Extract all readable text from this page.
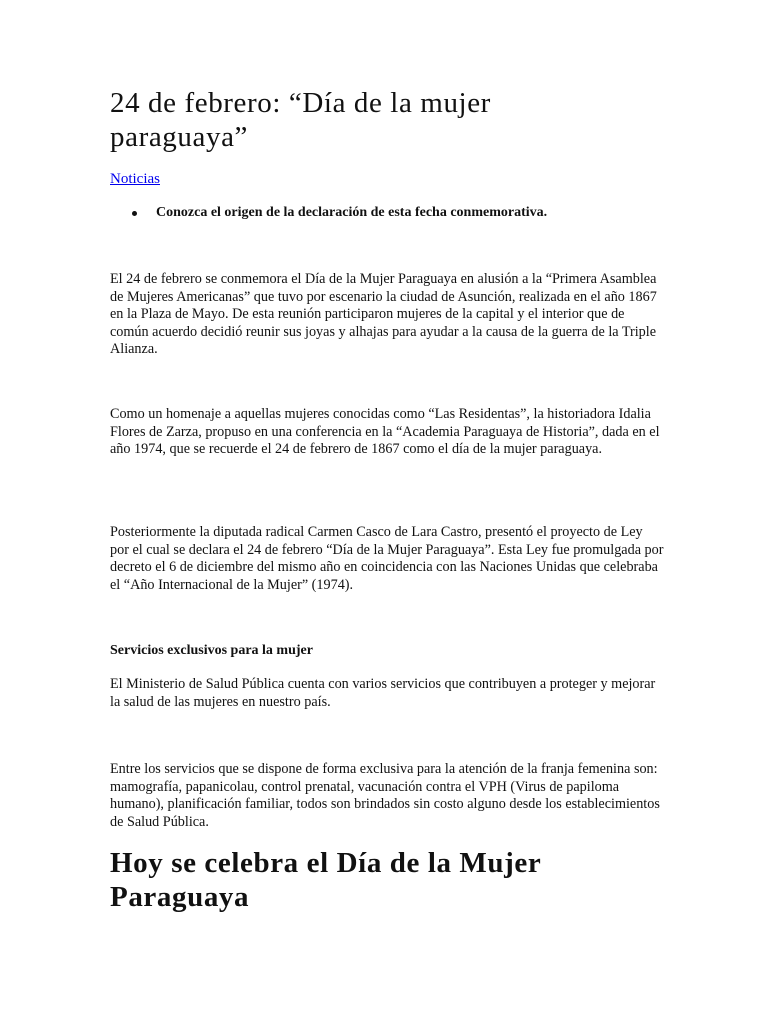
24 de febrero: “Día de la mujer paraguaya”
Noticias
Conozca el origen de la declaración de esta fecha conmemorativa.

El 24 de febrero se conmemora el Día de la Mujer Paraguaya en alusión a la “Primera Asamblea de Mujeres Americanas” que tuvo por escenario la ciudad de Asunción, realizada en el año 1867 en la Plaza de Mayo. De esta reunión participaron mujeres de la capital y el interior que de común acuerdo decidió reunir sus joyas y alhajas para ayudar a la causa de la guerra de la Triple Alianza.

Como un homenaje a aquellas mujeres conocidas como “Las Residentas”, la historiadora Idalia Flores de Zarza, propuso en una conferencia en la “Academia Paraguaya de Historia”, dada en el año 1974, que se recuerde el 24 de febrero de 1867 como el día de la mujer paraguaya.

Posteriormente la diputada radical Carmen Casco de Lara Castro, presentó el proyecto de Ley por el cual se declara el 24 de febrero “Día de la Mujer Paraguaya”. Esta Ley fue promulgada por decreto el 6 de diciembre del mismo año en coincidencia con las Naciones Unidas que celebraba el “Año Internacional de la Mujer” (1974).

Servicios exclusivos para la mujer

El Ministerio de Salud Pública cuenta con varios servicios que contribuyen a proteger y mejorar la salud de las mujeres en nuestro país.

Entre los servicios que se dispone de forma exclusiva para la atención de la franja femenina son: mamografía, papanicolau, control prenatal, vacunación contra el VPH (Virus de papiloma humano), planificación familiar, todos son brindados sin costo alguno desde los establecimientos de Salud Pública.

Hoy se celebra el Día de la Mujer Paraguaya
